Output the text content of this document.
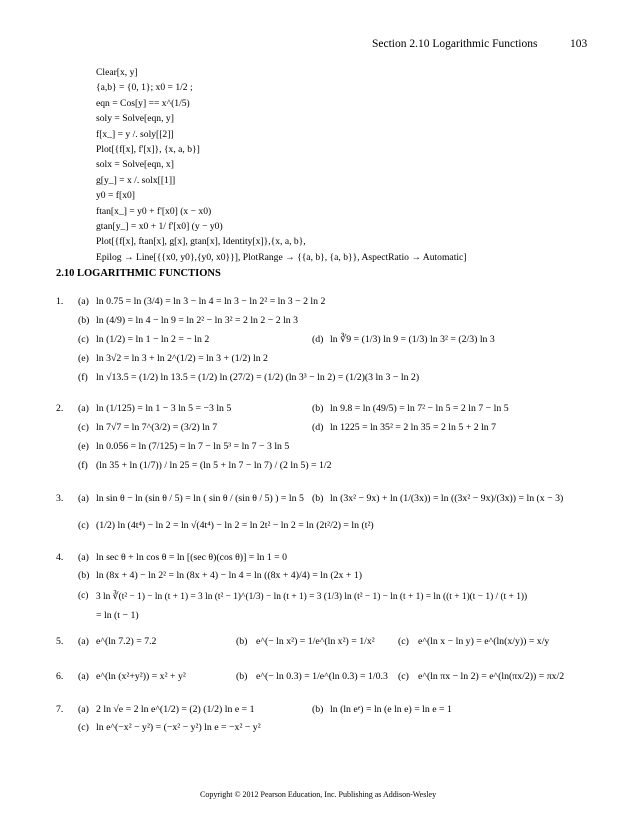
Section 2.10 Logarithmic Functions	103
Clear[x, y]
{a,b} = {0, 1}; x0 = 1/2 ;
eqn = Cos[y] == x^(1/5)
soly = Solve[eqn, y]
f[x_] = y /. soly[[2]]
Plot[{f[x], f'[x]}, {x, a, b}]
solx = Solve[eqn, x]
g[y_] = x /. solx[[1]]
y0 = f[x0]
ftan[x_] = y0 + f'[x0] (x − x0)
gtan[y_] = x0 + 1/ f'[x0] (y − y0)
Plot[{f[x], ftan[x], g[x], gtan[x], Identity[x]},{x, a, b},
Epilog → Line[{{x0, y0},{y0, x0}}], PlotRange → {{a, b}, {a, b}}, AspectRatio → Automatic]
2.10 LOGARITHMIC FUNCTIONS
1. (a) ln 0.75 = ln (3/4) = ln 3 − ln 4 = ln 3 − ln 2² = ln 3 − 2 ln 2
(b) ln (4/9) = ln 4 − ln 9 = ln 2² − ln 3² = 2 ln 2 − 2 ln 3
(c) ln (1/2) = ln 1 − ln 2 = − ln 2	(d) ln ∛9 = (1/3) ln 9 = (1/3) ln 3² = (2/3) ln 3
(e) ln 3√2 = ln 3 + ln 2^(1/2) = ln 3 + (1/2) ln 2
(f) ln √13.5 = (1/2) ln 13.5 = (1/2) ln (27/2) = (1/2) (ln 3³ − ln 2) = (1/2)(3 ln 3 − ln 2)
2. (a) ln (1/125) = ln 1 − 3 ln 5 = −3 ln 5	(b) ln 9.8 = ln (49/5) = ln 7² − ln 5 = 2 ln 7 − ln 5
(c) ln 7√7 = ln 7^(3/2) = (3/2) ln 7	(d) ln 1225 = ln 35² = 2 ln 35 = 2 ln 5 + 2 ln 7
(e) ln 0.056 = ln (7/125) = ln 7 − ln 5³ = ln 7 − 3 ln 5
(f) (ln 35 + ln (1/7)) / ln 25 = (ln 5 + ln 7 − ln 7) / (2 ln 5) = 1/2
3. (a) ln sin θ − ln (sin θ / 5) = ln ( sin θ / (sin θ / 5) ) = ln 5 (b) ln (3x² − 9x) + ln (1/(3x)) = ln ((3x² − 9x)/(3x)) = ln (x − 3)
(c) (1/2) ln (4t⁴) − ln 2 = ln √(4t⁴) − ln 2 = ln 2t² − ln 2 = ln (2t²/2) = ln (t²)
4. (a) ln sec θ + ln cos θ = ln [(sec θ)(cos θ)] = ln 1 = 0
(b) ln (8x + 4) − ln 2² = ln (8x + 4) − ln 4 = ln ((8x + 4)/4) = ln (2x + 1)
(c) 3 ln ∛(t² − 1) − ln (t + 1) = 3 ln (t² − 1)^(1/3) − ln (t + 1) = 3 (1/3) ln (t² − 1) − ln (t + 1) = ln ((t + 1)(t − 1) / (t + 1))
= ln (t − 1)
5. (a) e^(ln 7.2) = 7.2	(b) e^(− ln x²) = 1/e^(ln x²) = 1/x² (c) e^(ln x − ln y) = e^(ln(x/y)) = x/y
6. (a) e^(ln (x²+y²)) = x² + y²	(b) e^(− ln 0.3) = 1/e^(ln 0.3) = 1/0.3 (c) e^(ln πx − ln 2) = e^(ln(πx/2)) = πx/2
7. (a) 2 ln √e = 2 ln e^(1/2) = (2) (1/2) ln e = 1	(b) ln (ln eᵉ) = ln (e ln e) = ln e = 1
(c) ln e^(−x² − y²) = (−x² − y²) ln e = −x² − y²
Copyright © 2012 Pearson Education, Inc. Publishing as Addison-Wesley
